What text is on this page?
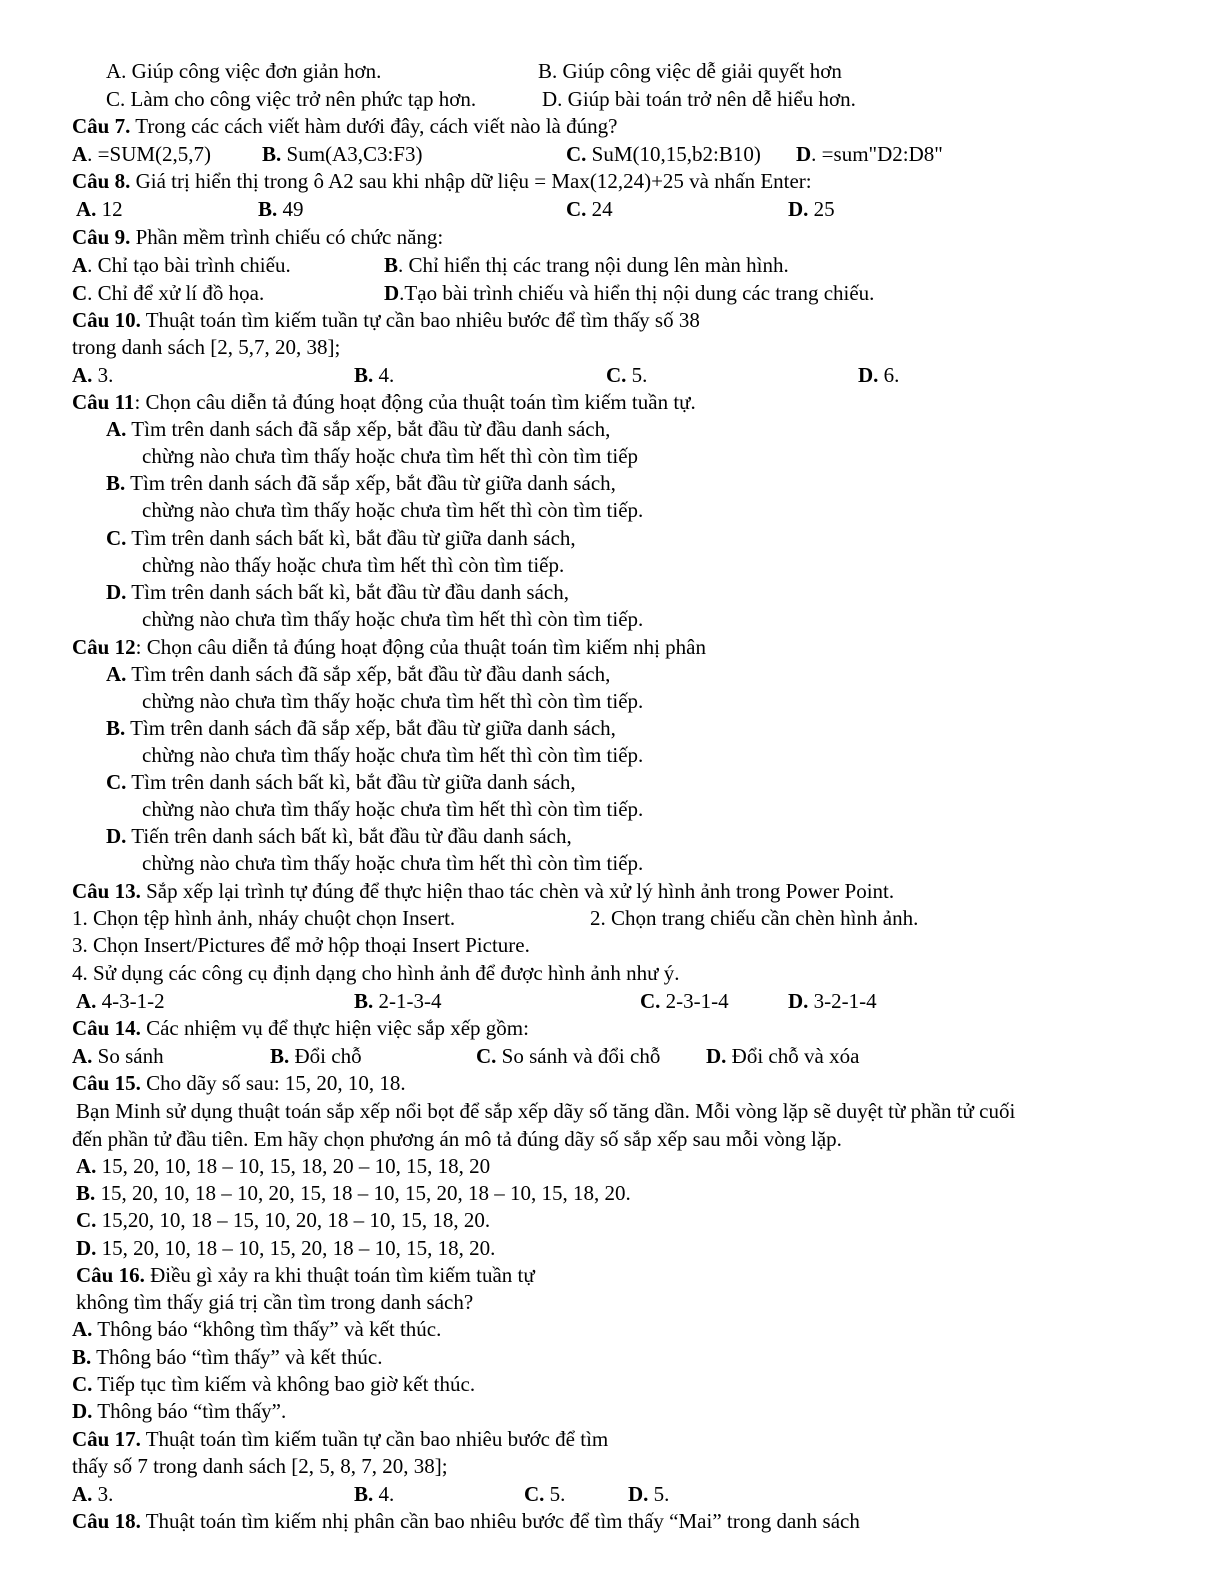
A. Giúp công việc đơn giản hơn.	B. Giúp công việc dễ giải quyết hơn
C. Làm cho công việc trở nên phức tạp hơn.	D. Giúp bài toán trở nên dễ hiểu hơn.
Câu 7. Trong các cách viết hàm dưới đây, cách viết nào là đúng?
A. =SUM(2,5,7) B. Sum(A3,C3:F3)	C. SuM(10,15,b2:B10) D. =sum"D2:D8"
Câu 8. Giá trị hiển thị trong ô A2 sau khi nhập dữ liệu = Max(12,24)+25 và nhấn Enter:
A. 12	B. 49	C. 24	D. 25
Câu 9. Phần mềm trình chiếu có chức năng:
A. Chỉ tạo bài trình chiếu.	B. Chỉ hiển thị các trang nội dung lên màn hình.
C. Chỉ để xử lí đồ họa.	D.Tạo bài trình chiếu và hiển thị nội dung các trang chiếu.
Câu 10. Thuật toán tìm kiếm tuần tự cần bao nhiêu bước để tìm thấy số 38
trong danh sách [2, 5,7, 20, 38];
A. 3.	B. 4.	C. 5.	D. 6.
Câu 11: Chọn câu diễn tả đúng hoạt động của thuật toán tìm kiếm tuần tự.
A. Tìm trên danh sách đã sắp xếp, bắt đầu từ đầu danh sách,
chừng nào chưa tìm thấy hoặc chưa tìm hết thì còn tìm tiếp
B. Tìm trên danh sách đã sắp xếp, bắt đầu từ giữa danh sách,
chừng nào chưa tìm thấy hoặc chưa tìm hết thì còn tìm tiếp.
C. Tìm trên danh sách bất kì, bắt đầu từ giữa danh sách,
chừng nào thấy hoặc chưa tìm hết thì còn tìm tiếp.
D. Tìm trên danh sách bất kì, bắt đầu từ đầu danh sách,
chừng nào chưa tìm thấy hoặc chưa tìm hết thì còn tìm tiếp.
Câu 12: Chọn câu diễn tả đúng hoạt động của thuật toán tìm kiếm nhị phân
A. Tìm trên danh sách đã sắp xếp, bắt đầu từ đầu danh sách,
chừng nào chưa tìm thấy hoặc chưa tìm hết thì còn tìm tiếp.
B. Tìm trên danh sách đã sắp xếp, bắt đầu từ giữa danh sách,
chừng nào chưa tìm thấy hoặc chưa tìm hết thì còn tìm tiếp.
C. Tìm trên danh sách bất kì, bắt đầu từ giữa danh sách,
chừng nào chưa tìm thấy hoặc chưa tìm hết thì còn tìm tiếp.
D. Tiến trên danh sách bất kì, bắt đầu từ đầu danh sách,
chừng nào chưa tìm thấy hoặc chưa tìm hết thì còn tìm tiếp.
Câu 13. Sắp xếp lại trình tự đúng để thực hiện thao tác chèn và xử lý hình ảnh trong Power Point.
1. Chọn tệp hình ảnh, nháy chuột chọn Insert.	2. Chọn trang chiếu cần chèn hình ảnh.
3. Chọn Insert/Pictures để mở hộp thoại Insert Picture.
4. Sử dụng các công cụ định dạng cho hình ảnh để được hình ảnh như ý.
A. 4-3-1-2	B. 2-1-3-4	C. 2-3-1-4	D. 3-2-1-4
Câu 14. Các nhiệm vụ để thực hiện việc sắp xếp gồm:
A. So sánh	B. Đổi chỗ	C. So sánh và đổi chỗ D. Đổi chỗ và xóa
Câu 15. Cho dãy số sau: 15, 20, 10, 18.
Bạn Minh sử dụng thuật toán sắp xếp nổi bọt để sắp xếp dãy số tăng dần. Mỗi vòng lặp sẽ duyệt từ phần tử cuối
đến phần tử đầu tiên. Em hãy chọn phương án mô tả đúng dãy số sắp xếp sau mỗi vòng lặp.
A. 15, 20, 10, 18 – 10, 15, 18, 20 – 10, 15, 18, 20
B. 15, 20, 10, 18 – 10, 20, 15, 18 – 10, 15, 20, 18 – 10, 15, 18, 20.
C. 15,20, 10, 18 – 15, 10, 20, 18 – 10, 15, 18, 20.
D. 15, 20, 10, 18 – 10, 15, 20, 18 – 10, 15, 18, 20.
Câu 16. Điều gì xảy ra khi thuật toán tìm kiếm tuần tự
không tìm thấy giá trị cần tìm trong danh sách?
A. Thông báo “không tìm thấy” và kết thúc.
B. Thông báo “tìm thấy” và kết thúc.
C. Tiếp tục tìm kiếm và không bao giờ kết thúc.
D. Thông báo “tìm thấy”.
Câu 17. Thuật toán tìm kiếm tuần tự cần bao nhiêu bước để tìm
thấy số 7 trong danh sách [2, 5, 8, 7, 20, 38];
A. 3.	B. 4.	C. 5.	D. 5.
Câu 18. Thuật toán tìm kiếm nhị phân cần bao nhiêu bước để tìm thấy “Mai” trong danh sách
